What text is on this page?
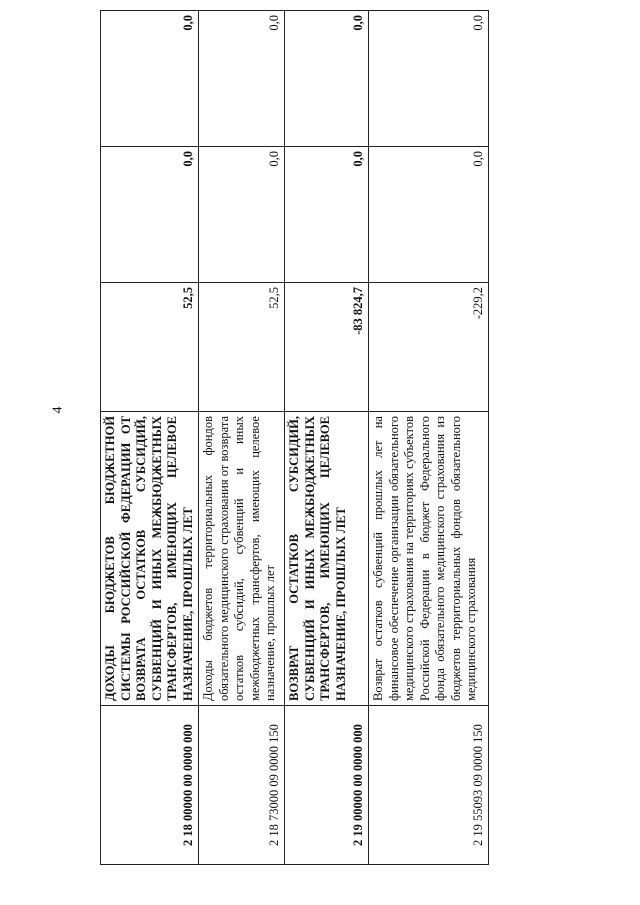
4
2 18 00000 00 0000 000	ДОХОДЫ БЮДЖЕТОВ БЮДЖЕТНОЙ СИСТЕМЫ РОССИЙСКОЙ ФЕДЕРАЦИИ ОТ ВОЗВРАТА ОСТАТКОВ СУБСИДИЙ, СУБВЕНЦИЙ И ИНЫХ МЕЖБЮДЖЕТНЫХ ТРАНСФЕРТОВ, ИМЕЮЩИХ ЦЕЛЕВОЕ НАЗНАЧЕНИЕ, ПРОШЛЫХ ЛЕТ	52,5	0,0	0,0
2 18 73000 09 0000 150	Доходы бюджетов территориальных фондов обязательного медицинского страхования от возврата остатков субсидий, субвенций и иных межбюджетных трансфертов, имеющих целевое назначение, прошлых лет	52,5	0,0	0,0
2 19 00000 00 0000 000	ВОЗВРАТ ОСТАТКОВ СУБСИДИЙ, СУБВЕНЦИЙ И ИНЫХ МЕЖБЮДЖЕТНЫХ ТРАНСФЕРТОВ, ИМЕЮЩИХ ЦЕЛЕВОЕ НАЗНАЧЕНИЕ, ПРОШЛЫХ ЛЕТ	-83 824,7	0,0	0,0
2 19 55093 09 0000 150	Возврат остатков субвенций прошлых лет на финансовое обеспечение организации обязательного медицинского страхования на территориях субъектов Российской Федерации в бюджет Федерального фонда обязательного медицинского страхования из бюджетов территориальных фондов обязательного медицинского страхования	-229,2	0,0	0,0
